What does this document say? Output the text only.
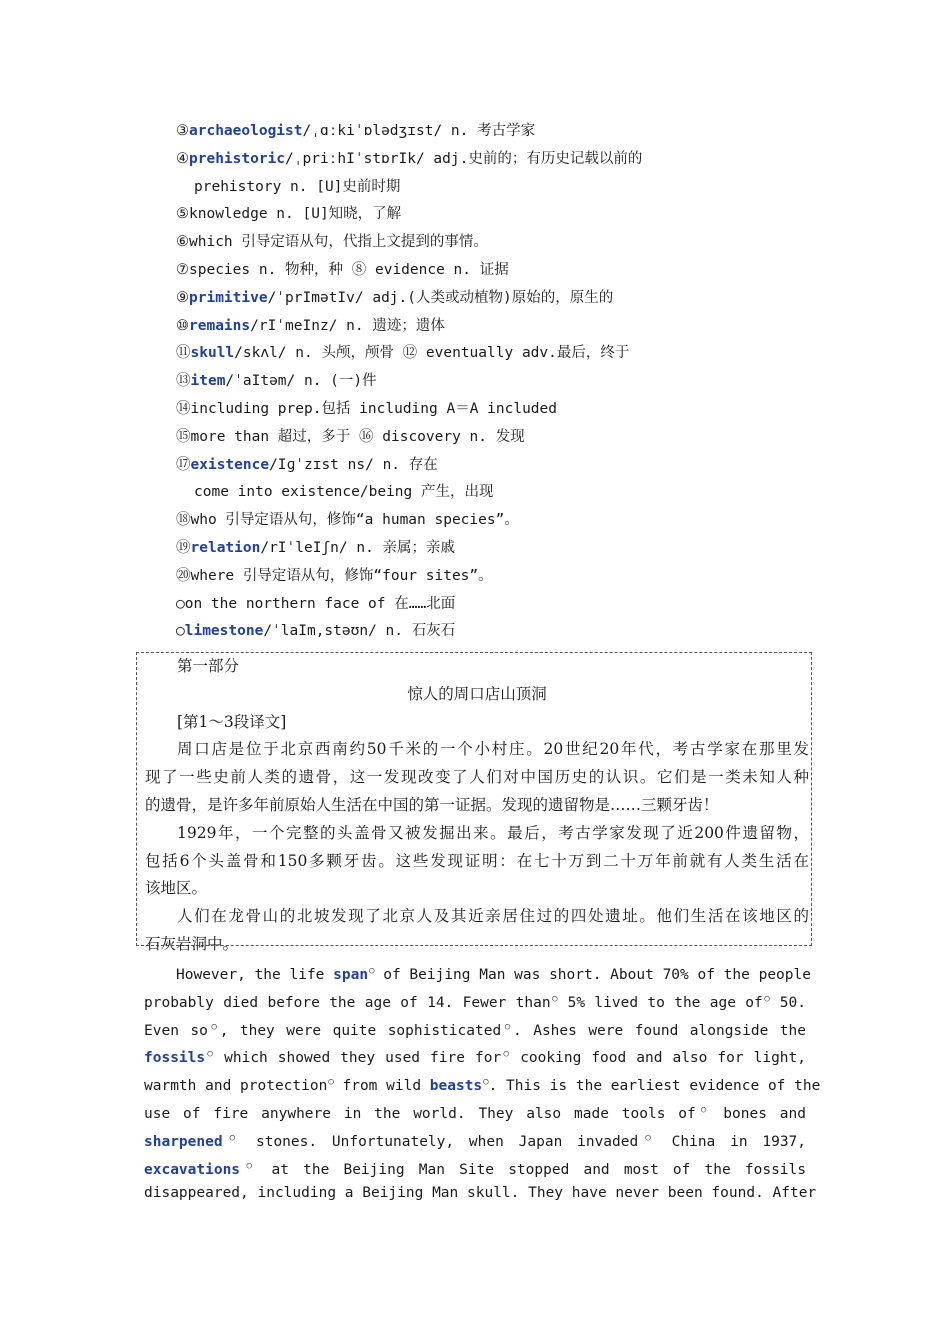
③archaeologist/ˌɑːkiˈɒlədʒɪst/ n. 考古学家
④prehistoric/ˌpriːhIˈstɒrIk/ adj.史前的；有历史记载以前的
prehistory n. [U]史前时期
⑤knowledge n. [U]知晓，了解
⑥which 引导定语从句，代指上文提到的事情。
⑦species n. 物种，种 ⑧ evidence n. 证据
⑨primitive/ˈprImətIv/ adj.(人类或动植物)原始的，原生的
⑩remains/rIˈmeInz/ n. 遗迹；遗体
⑪skull/skʌl/ n. 头颅，颅骨 ⑫ eventually adv.最后，终于
⑬item/ˈaItəm/ n. (一)件
⑭including prep.包括 including A＝A included
⑮more than 超过，多于 ⑯ discovery n. 发现
⑰existence/Iɡˈzɪst ns/ n. 存在
come into existence/being 产生，出现
⑱who 引导定语从句，修饰“a human species”。
⑲relation/rIˈleIʃn/ n. 亲属；亲戚
⑳where 引导定语从句，修饰“four sites”。
○on the northern face of 在……北面
○limestone/ˈlaIm,stəʊn/ n. 石灰石
第一部分
惊人的周口店山顶洞
[第1～3段译文]
周口店是位于北京西南约50千米的一个小村庄。20世纪20年代，考古学家在那里发
现了一些史前人类的遗骨，这一发现改变了人们对中国历史的认识。它们是一类未知人种
的遗骨，是许多年前原始人生活在中国的第一证据。发现的遗留物是……三颗牙齿！
1929年，一个完整的头盖骨又被发掘出来。最后，考古学家发现了近200件遗留物，
包括6个头盖骨和150多颗牙齿。这些发现证明：在七十万到二十万年前就有人类生活在
该地区。
人们在龙骨山的北坡发现了北京人及其近亲居住过的四处遗址。他们生活在该地区的
石灰岩洞中。
However, the life span○ of Beijing Man was short. About 70% of the people
probably died before the age of 14. Fewer than○ 5% lived to the age of○ 50.
Even so○, they were quite sophisticated○. Ashes were found alongside the
fossils○ which showed they used fire for○ cooking food and also for light,
warmth and protection○ from wild beasts○. This is the earliest evidence of the
use of fire anywhere in the world. They also made tools of○ bones and
sharpened○ stones. Unfortunately, when Japan invaded○ China in 1937,
excavations○ at the Beijing Man Site stopped and most of the fossils
disappeared, including a Beijing Man skull. They have never been found. After
